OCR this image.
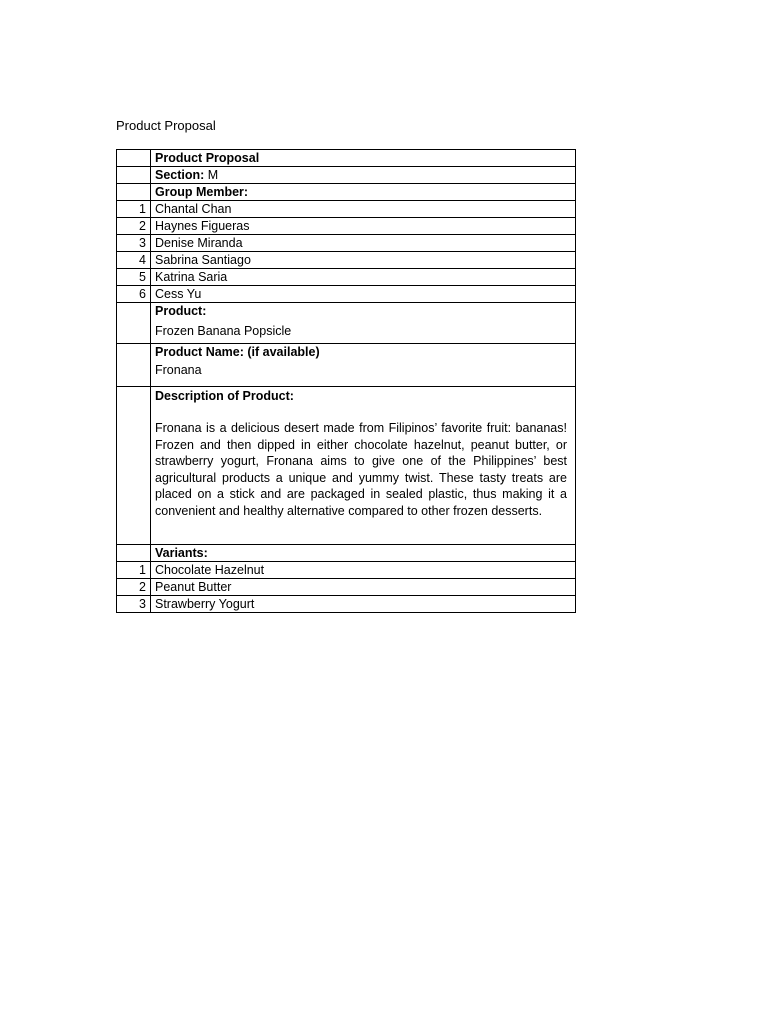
Product Proposal
	Product Proposal
	Section: M
	Group Member:
1	Chantal Chan
2	Haynes Figueras
3	Denise Miranda
4	Sabrina Santiago
5	Katrina Saria
6	Cess Yu

	Product:
Frozen Banana Popsicle

	Product Name: (if available)
Fronana

	Description of Product:
Fronana is a delicious desert made from Filipinos’ favorite fruit: bananas! Frozen and then dipped in either chocolate hazelnut, peanut butter, or strawberry yogurt, Fronana aims to give one of the Philippines’ best agricultural products a unique and yummy twist. These tasty treats are placed on a stick and are packaged in sealed plastic, thus making it a convenient and healthy alternative compared to other frozen desserts.

	Variants:
1	Chocolate Hazelnut
2	Peanut Butter
3	Strawberry Yogurt
